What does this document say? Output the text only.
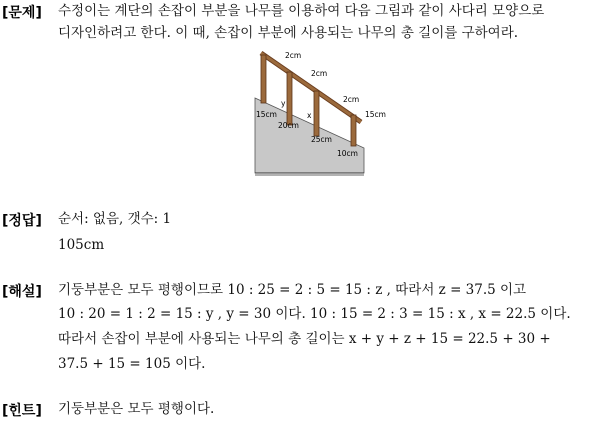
[문제] 수정이는 계단의 손잡이 부분을 나무를 이용하여 다음 그림과 같이 사다리 모양으로
디자인하려고 한다. 이 때, 손잡이 부분에 사용되는 나무의 총 길이를 구하여라.
2cm
2cm
2cm
15cm
y
x
15cm
20cm
25cm
10cm
[정답] 순서: 없음, 갯수: 1
105cm
[해설] 기둥부분은 모두 평행이므로 10 : 25 = 2 : 5 = 15 : z , 따라서 z = 37.5 이고
10 : 20 = 1 : 2 = 15 : y , y = 30 이다. 10 : 15 = 2 : 3 = 15 : x , x = 22.5 이다.
따라서 손잡이 부분에 사용되는 나무의 총 길이는 x + y + z + 15 = 22.5 + 30 +
37.5 + 15 = 105 이다.
[힌트] 기둥부분은 모두 평행이다.
